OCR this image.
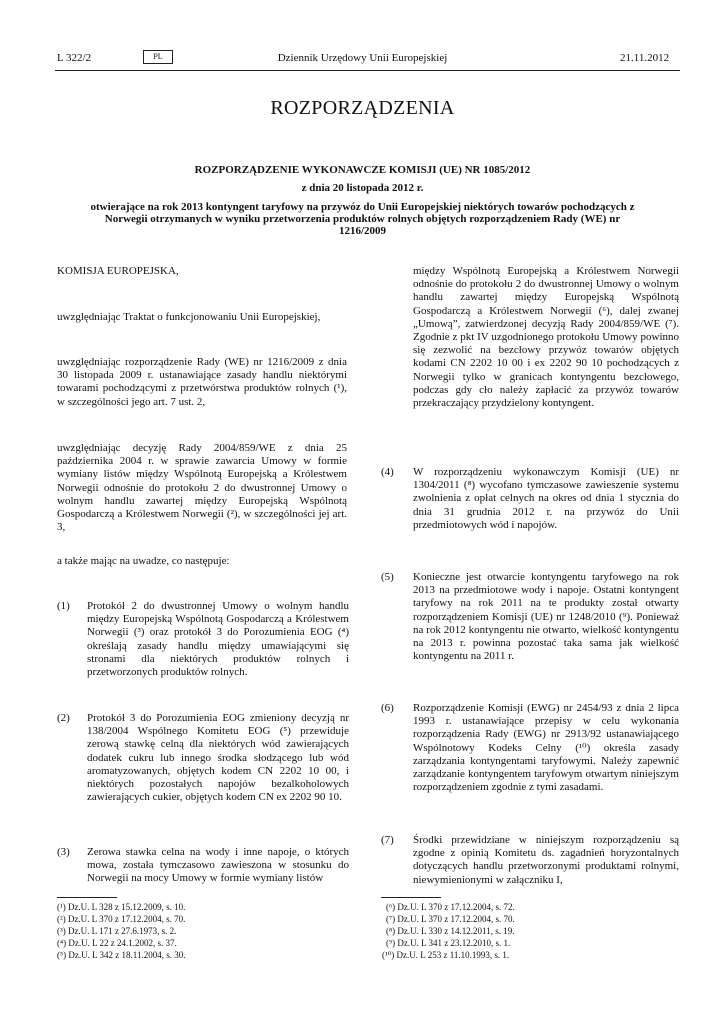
L 322/2	PL	Dziennik Urzędowy Unii Europejskiej	21.11.2012
ROZPORZĄDZENIA
ROZPORZĄDZENIE WYKONAWCZE KOMISJI (UE) NR 1085/2012
z dnia 20 listopada 2012 r.
otwierające na rok 2013 kontyngent taryfowy na przywóz do Unii Europejskiej niektórych towarów pochodzących z Norwegii otrzymanych w wyniku przetworzenia produktów rolnych objętych rozporządzeniem Rady (WE) nr 1216/2009
KOMISJA EUROPEJSKA,
uwzględniając Traktat o funkcjonowaniu Unii Europejskiej,
uwzględniając rozporządzenie Rady (WE) nr 1216/2009 z dnia 30 listopada 2009 r. ustanawiające zasady handlu niektórymi towarami pochodzącymi z przetwórstwa produktów rolnych (¹), w szczególności jego art. 7 ust. 2,
uwzględniając decyzję Rady 2004/859/WE z dnia 25 października 2004 r. w sprawie zawarcia Umowy w formie wymiany listów między Wspólnotą Europejską a Królestwem Norwegii odnośnie do protokołu 2 do dwustronnej Umowy o wolnym handlu zawartej między Europejską Wspólnotą Gospodarczą a Królestwem Norwegii (²), w szczególności jej art. 3,
a także mając na uwadze, co następuje:
(1) Protokół 2 do dwustronnej Umowy o wolnym handlu między Europejską Wspólnotą Gospodarczą a Królestwem Norwegii (³) oraz protokół 3 do Porozumienia EOG (⁴) określają zasady handlu między umawiającymi się stronami dla niektórych produktów rolnych i przetworzonych produktów rolnych.
(2) Protokół 3 do Porozumienia EOG zmieniony decyzją nr 138/2004 Wspólnego Komitetu EOG (⁵) przewiduje zerową stawkę celną dla niektórych wód zawierających dodatek cukru lub innego środka słodzącego lub wód aromatyzowanych, objętych kodem CN 2202 10 00, i niektórych pozostałych napojów bezalkoholowych zawierających cukier, objętych kodem CN ex 2202 90 10.
(3) Zerowa stawka celna na wody i inne napoje, o których mowa, została tymczasowo zawieszona w stosunku do Norwegii na mocy Umowy w formie wymiany listów
(¹) Dz.U. L 328 z 15.12.2009, s. 10.
(²) Dz.U. L 370 z 17.12.2004, s. 70.
(³) Dz.U. L 171 z 27.6.1973, s. 2.
(⁴) Dz.U. L 22 z 24.1.2002, s. 37.
(⁵) Dz.U. L 342 z 18.11.2004, s. 30.
między Wspólnotą Europejską a Królestwem Norwegii odnośnie do protokołu 2 do dwustronnej Umowy o wolnym handlu zawartej między Europejską Wspólnotą Gospodarczą a Królestwem Norwegii (⁶), dalej zwanej „Umową”, zatwierdzonej decyzją Rady 2004/859/WE (⁷). Zgodnie z pkt IV uzgodnionego protokołu Umowy powinno się zezwolić na bezcłowy przywóz towarów objętych kodami CN 2202 10 00 i ex 2202 90 10 pochodzących z Norwegii tylko w granicach kontyngentu bezcłowego, podczas gdy cło należy zapłacić za przywóz towarów przekraczający przydzielony kontyngent.
(4) W rozporządzeniu wykonawczym Komisji (UE) nr 1304/2011 (⁸) wycofano tymczasowe zawieszenie systemu zwolnienia z opłat celnych na okres od dnia 1 stycznia do dnia 31 grudnia 2012 r. na przywóz do Unii przedmiotowych wód i napojów.
(5) Konieczne jest otwarcie kontyngentu taryfowego na rok 2013 na przedmiotowe wody i napoje. Ostatni kontyngent taryfowy na rok 2011 na te produkty został otwarty rozporządzeniem Komisji (UE) nr 1248/2010 (⁹). Ponieważ na rok 2012 kontyngentu nie otwarto, wielkość kontyngentu na 2013 r. powinna pozostać taka sama jak wielkość kontyngentu na 2011 r.
(6) Rozporządzenie Komisji (EWG) nr 2454/93 z dnia 2 lipca 1993 r. ustanawiające przepisy w celu wykonania rozporządzenia Rady (EWG) nr 2913/92 ustanawiającego Wspólnotowy Kodeks Celny (¹⁰) określa zasady zarządzania kontyngentami taryfowymi. Należy zapewnić zarządzanie kontyngentem taryfowym otwartym niniejszym rozporządzeniem zgodnie z tymi zasadami.
(7) Środki przewidziane w niniejszym rozporządzeniu są zgodne z opinią Komitetu ds. zagadnień horyzontalnych dotyczących handlu przetworzonymi produktami rolnymi, niewymienionymi w załączniku I,
(⁶) Dz.U. L 370 z 17.12.2004, s. 72.
(⁷) Dz.U. L 370 z 17.12.2004, s. 70.
(⁸) Dz.U. L 330 z 14.12.2011, s. 19.
(⁹) Dz.U. L 341 z 23.12.2010, s. 1.
(¹⁰) Dz.U. L 253 z 11.10.1993, s. 1.
